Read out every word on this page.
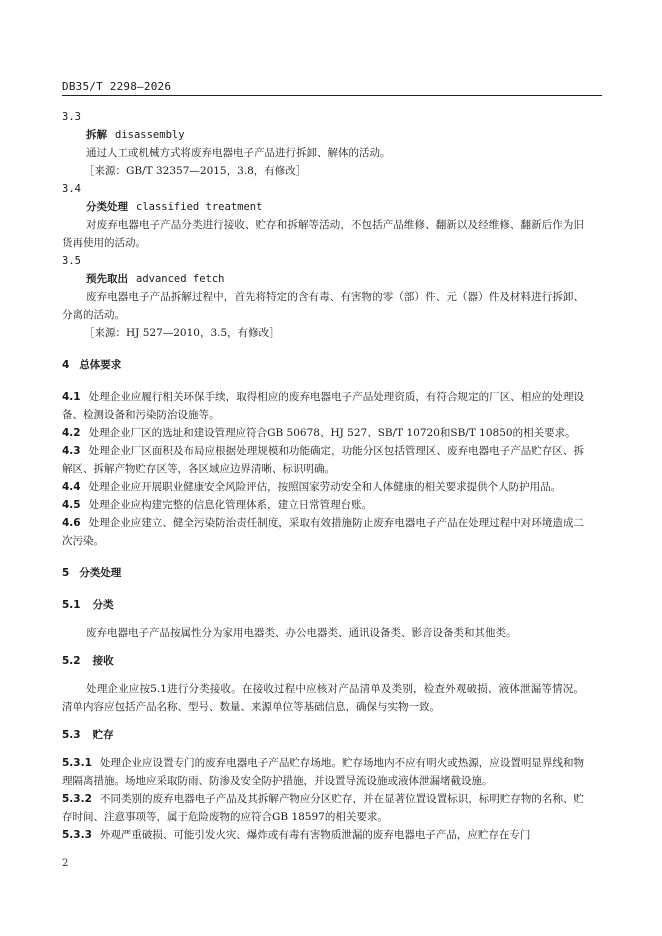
DB35/T 2298—2026
3.3
拆解 disassembly
通过人工或机械方式将废弃电器电子产品进行拆卸、解体的活动。
［来源：GB/T 32357—2015，3.8，有修改］
3.4
分类处理 classified treatment
对废弃电器电子产品分类进行接收、贮存和拆解等活动，不包括产品维修、翻新以及经维修、翻新后作为旧货再使用的活动。
3.5
预先取出 advanced fetch
废弃电器电子产品拆解过程中，首先将特定的含有毒、有害物的零（部）件、元（器）件及材料进行拆卸、分离的活动。
［来源：HJ 527—2010，3.5，有修改］
4 总体要求
4.1 处理企业应履行相关环保手续，取得相应的废弃电器电子产品处理资质，有符合规定的厂区、相应的处理设备、检测设备和污染防治设施等。
4.2 处理企业厂区的选址和建设管理应符合GB 50678、HJ 527、SB/T 10720和SB/T 10850的相关要求。
4.3 处理企业厂区面积及布局应根据处理规模和功能确定，功能分区包括管理区、废弃电器电子产品贮存区、拆解区、拆解产物贮存区等，各区域应边界清晰、标识明确。
4.4 处理企业应开展职业健康安全风险评估，按照国家劳动安全和人体健康的相关要求提供个人防护用品。
4.5 处理企业应构建完整的信息化管理体系，建立日常管理台账。
4.6 处理企业应建立、健全污染防治责任制度，采取有效措施防止废弃电器电子产品在处理过程中对环境造成二次污染。
5 分类处理
5.1 分类
废弃电器电子产品按属性分为家用电器类、办公电器类、通讯设备类、影音设备类和其他类。
5.2 接收
处理企业应按5.1进行分类接收。在接收过程中应核对产品清单及类别，检查外观破损、液体泄漏等情况。清单内容应包括产品名称、型号、数量、来源单位等基础信息，确保与实物一致。
5.3 贮存
5.3.1 处理企业应设置专门的废弃电器电子产品贮存场地。贮存场地内不应有明火或热源，应设置明显界线和物理隔离措施。场地应采取防雨、防渗及安全防护措施，并设置导流设施或液体泄漏堵截设施。
5.3.2 不同类别的废弃电器电子产品及其拆解产物应分区贮存，并在显著位置设置标识，标明贮存物的名称、贮存时间、注意事项等，属于危险废物的应符合GB 18597的相关要求。
5.3.3 外观严重破损、可能引发火灾、爆炸或有毒有害物质泄漏的废弃电器电子产品，应贮存在专门
2
